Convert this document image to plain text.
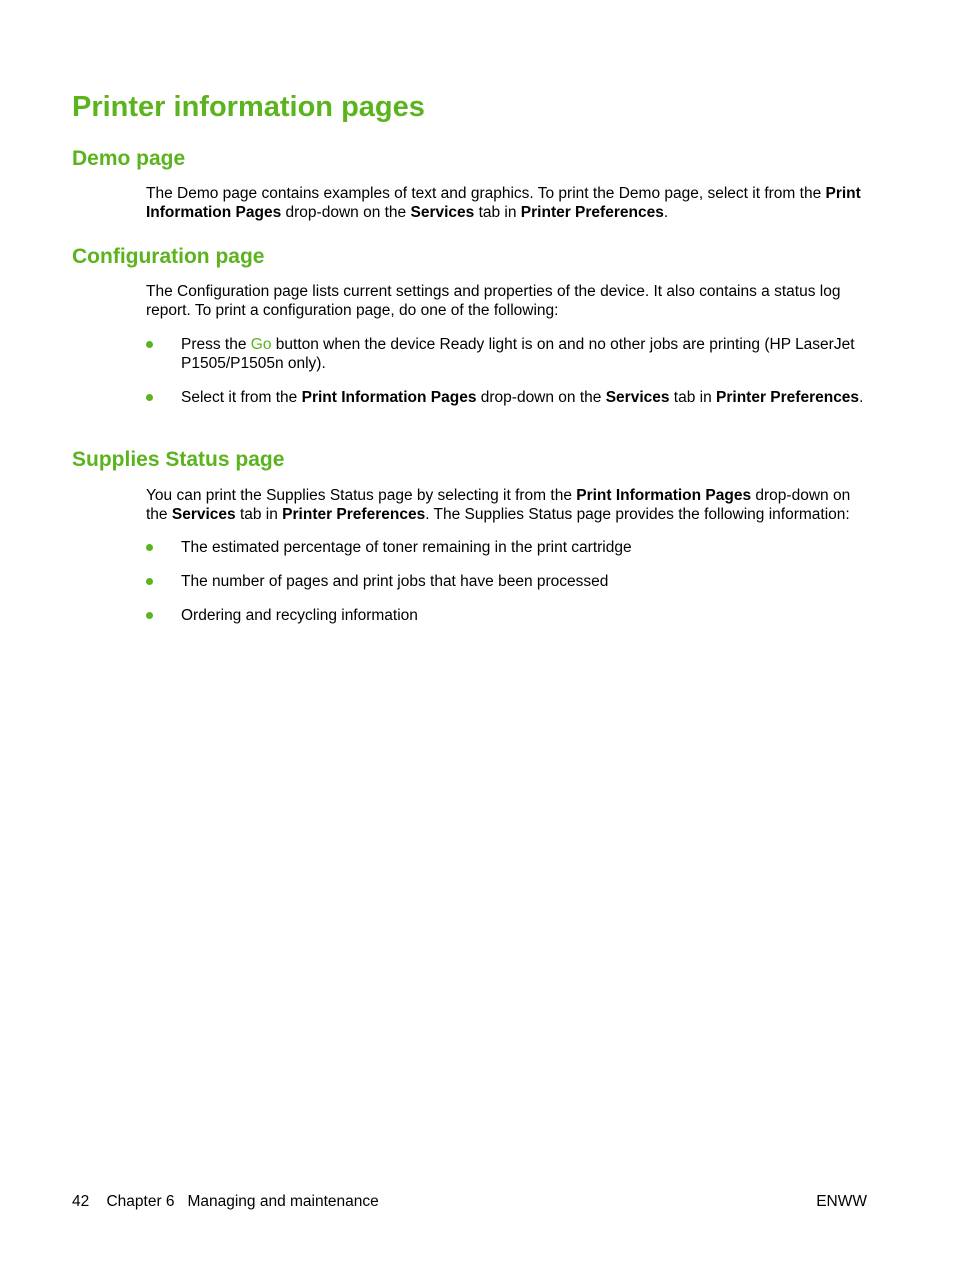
Printer information pages
Demo page

The Demo page contains examples of text and graphics. To print the Demo page, select it from the Print Information Pages drop-down on the Services tab in Printer Preferences.

Configuration page

The Configuration page lists current settings and properties of the device. It also contains a status log report. To print a configuration page, do one of the following:

Press the Go button when the device Ready light is on and no other jobs are printing (HP LaserJet P1505/P1505n only).

Select it from the Print Information Pages drop-down on the Services tab in Printer Preferences.

Supplies Status page

You can print the Supplies Status page by selecting it from the Print Information Pages drop-down on the Services tab in Printer Preferences. The Supplies Status page provides the following information:

The estimated percentage of toner remaining in the print cartridge

The number of pages and print jobs that have been processed

Ordering and recycling information

42 Chapter 6   Managing and maintenance	ENWW
